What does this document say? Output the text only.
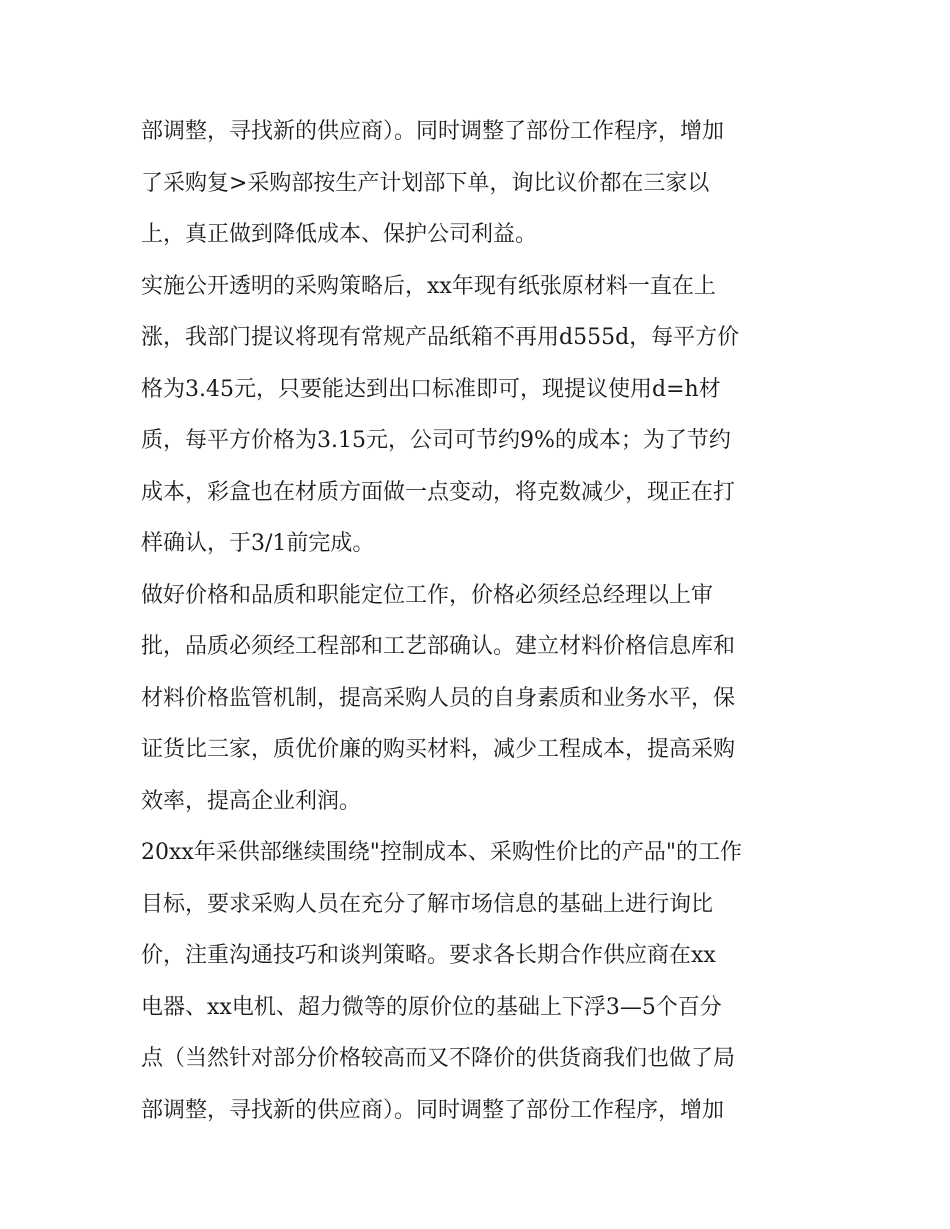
部调整，寻找新的供应商）。同时调整了部份工作程序，增加
了采购复>采购部按生产计划部下单，询比议价都在三家以
上，真正做到降低成本、保护公司利益。
实施公开透明的采购策略后，xx年现有纸张原材料一直在上
涨，我部门提议将现有常规产品纸箱不再用d555d，每平方价
格为3.45元，只要能达到出口标准即可，现提议使用d=h材
质，每平方价格为3.15元，公司可节约9%的成本；为了节约
成本，彩盒也在材质方面做一点变动，将克数减少，现正在打
样确认，于3/1前完成。
做好价格和品质和职能定位工作，价格必须经总经理以上审
批，品质必须经工程部和工艺部确认。建立材料价格信息库和
材料价格监管机制，提高采购人员的自身素质和业务水平，保
证货比三家，质优价廉的购买材料，减少工程成本，提高采购
效率，提高企业利润。
20xx年采供部继续围绕"控制成本、采购性价比的产品"的工作
目标，要求采购人员在充分了解市场信息的基础上进行询比
价，注重沟通技巧和谈判策略。要求各长期合作供应商在xx
电器、xx电机、超力微等的原价位的基础上下浮3—5个百分
点（当然针对部分价格较高而又不降价的供货商我们也做了局
部调整，寻找新的供应商）。同时调整了部份工作程序，增加
